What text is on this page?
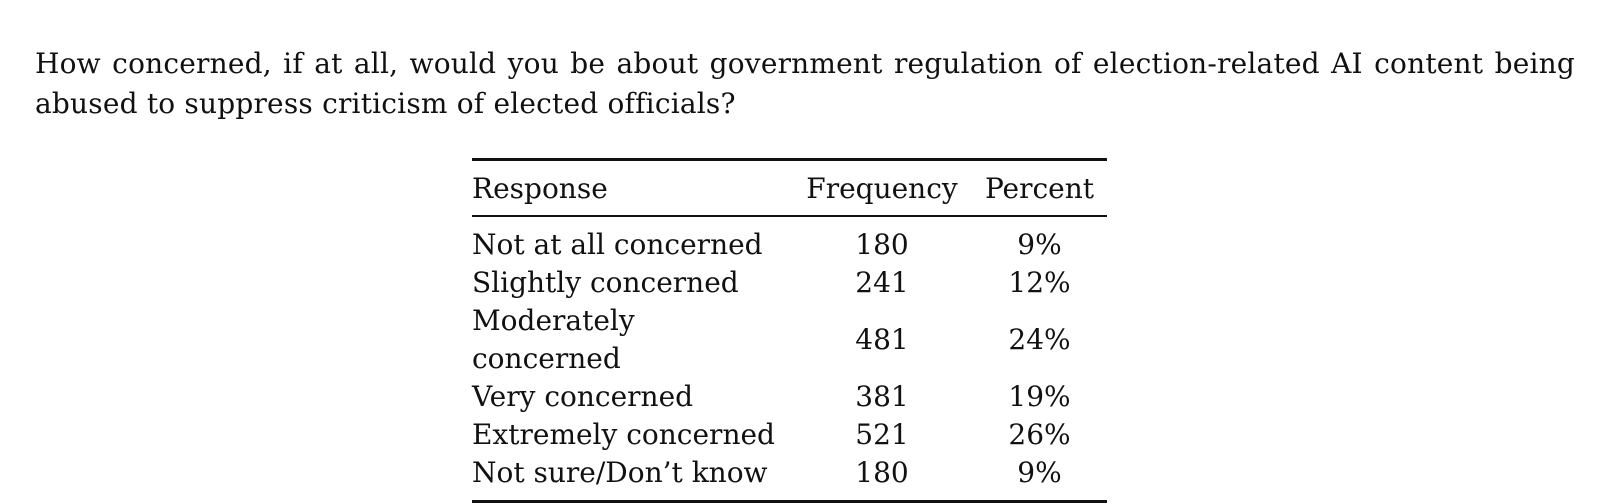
How concerned, if at all, would you be about government regulation of election-related AI content being abused to suppress criticism of elected officials?

Response	Frequency	Percent
Not at all concerned	180	9%
Slightly concerned	241	12%
Moderately concerned	481	24%
Very concerned	381	19%
Extremely concerned	521	26%
Not sure/Don’t know	180	9%
